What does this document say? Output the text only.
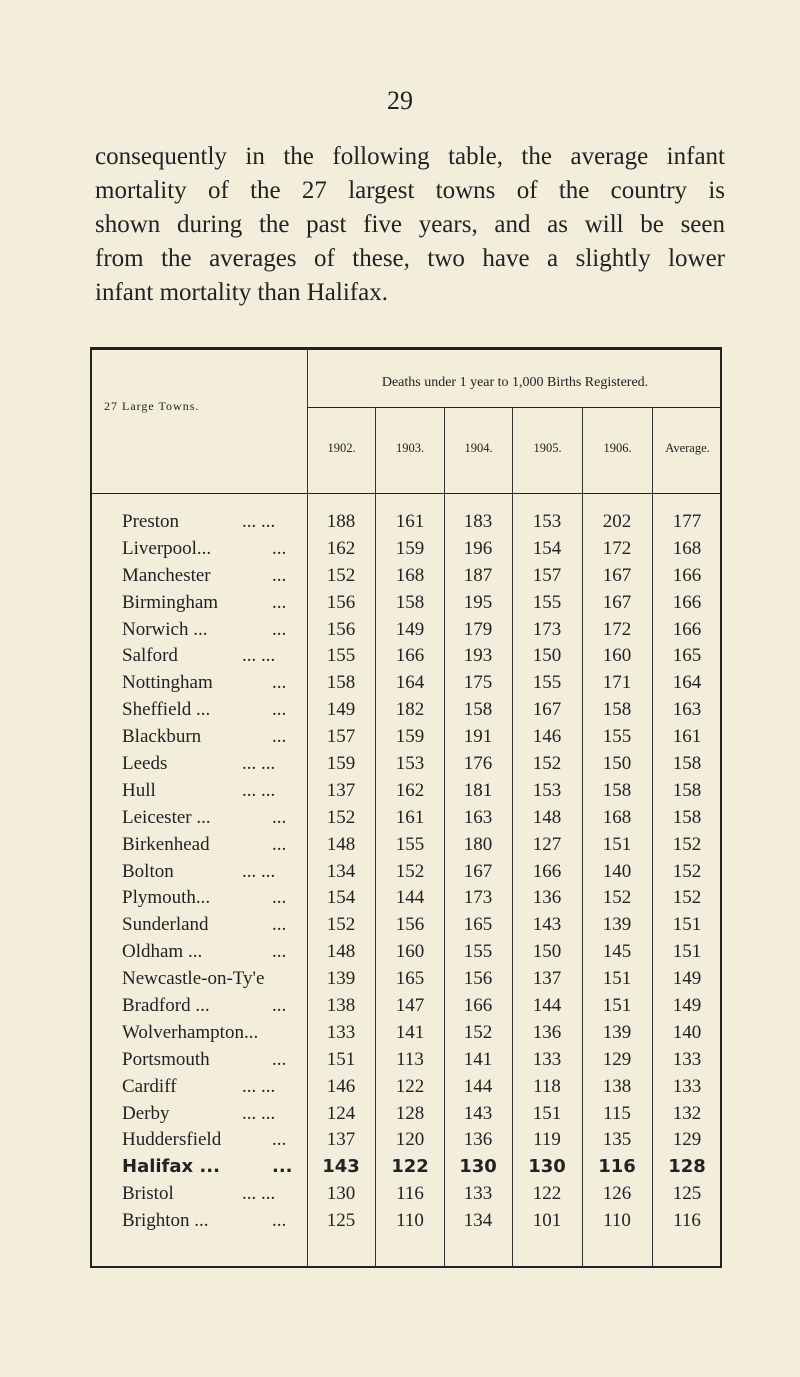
29
consequently in the following table, the average infant
mortality of the 27 largest towns of the country is
shown during the past five years, and as will be seen
from the averages of these, two have a slightly lower
infant mortality than Halifax.
27 Large Towns.
Deaths under 1 year to 1,000 Births Registered.
1902.	1903.	1904.	1905.	1906.	Average.
Preston	... ...	188	161	183	153	202	177
Liverpool...	...	162	159	196	154	172	168
Manchester	...	152	168	187	157	167	166
Birmingham	...	156	158	195	155	167	166
Norwich ...	...	156	149	179	173	172	166
Salford	... ...	155	166	193	150	160	165
Nottingham	...	158	164	175	155	171	164
Sheffield ...	...	149	182	158	167	158	163
Blackburn	...	157	159	191	146	155	161
Leeds	... ...	159	153	176	152	150	158
Hull	... ...	137	162	181	153	158	158
Leicester ...	...	152	161	163	148	168	158
Birkenhead	...	148	155	180	127	151	152
Bolton	... ...	134	152	167	166	140	152
Plymouth...	...	154	144	173	136	152	152
Sunderland	...	152	156	165	143	139	151
Oldham ...	...	148	160	155	150	145	151
Newcastle-on-Ty'e	139	165	156	137	151	149
Bradford ...	...	138	147	166	144	151	149
Wolverhampton...	133	141	152	136	139	140
Portsmouth	...	151	113	141	133	129	133
Cardiff	... ...	146	122	144	118	138	133
Derby	... ...	124	128	143	151	115	132
Huddersfield	...	137	120	136	119	135	129
Halifax ...	...	143	122	130	130	116	128
Bristol	... ...	130	116	133	122	126	125
Brighton ...	...	125	110	134	101	110	116
